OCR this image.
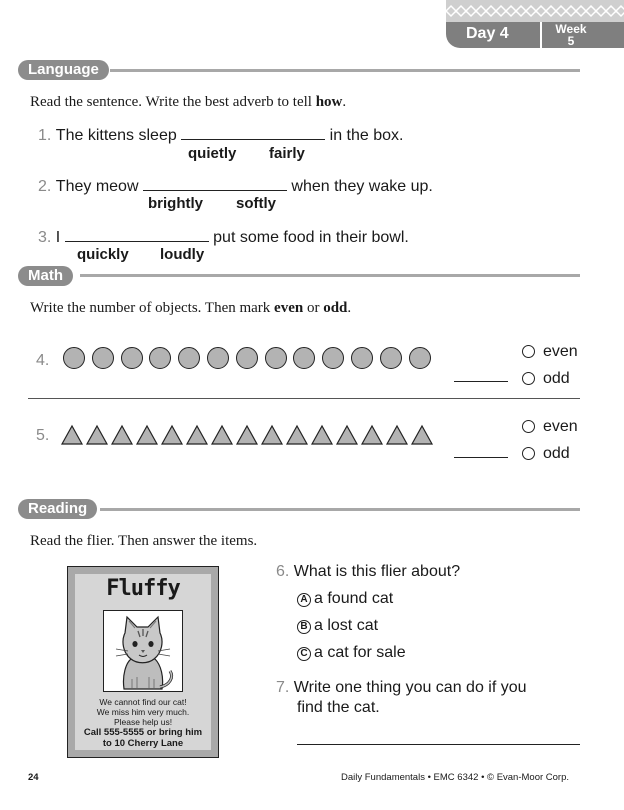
Day 4	Week
5
Language
Read the sentence. Write the best adverb to tell how.
1. The kittens sleep	in the box.
quietly fairly
2. They meow	when they wake up.
brightly softly
3. I	put some food in their bowl.
quickly loudly
Math
Write the number of objects. Then mark even or odd.
4.
even
odd
5.
even
odd
Reading
Read the flier. Then answer the items.
Fluffy
We cannot find our cat!
We miss him very much.
Please help us!
Call 555-5555 or bring him
to 10 Cherry Lane
6. What is this flier about?
A a found cat
B a lost cat
C a cat for sale
7. Write one thing you can do if you
find the cat.
24	Daily Fundamentals • EMC 6342 • © Evan-Moor Corp.
